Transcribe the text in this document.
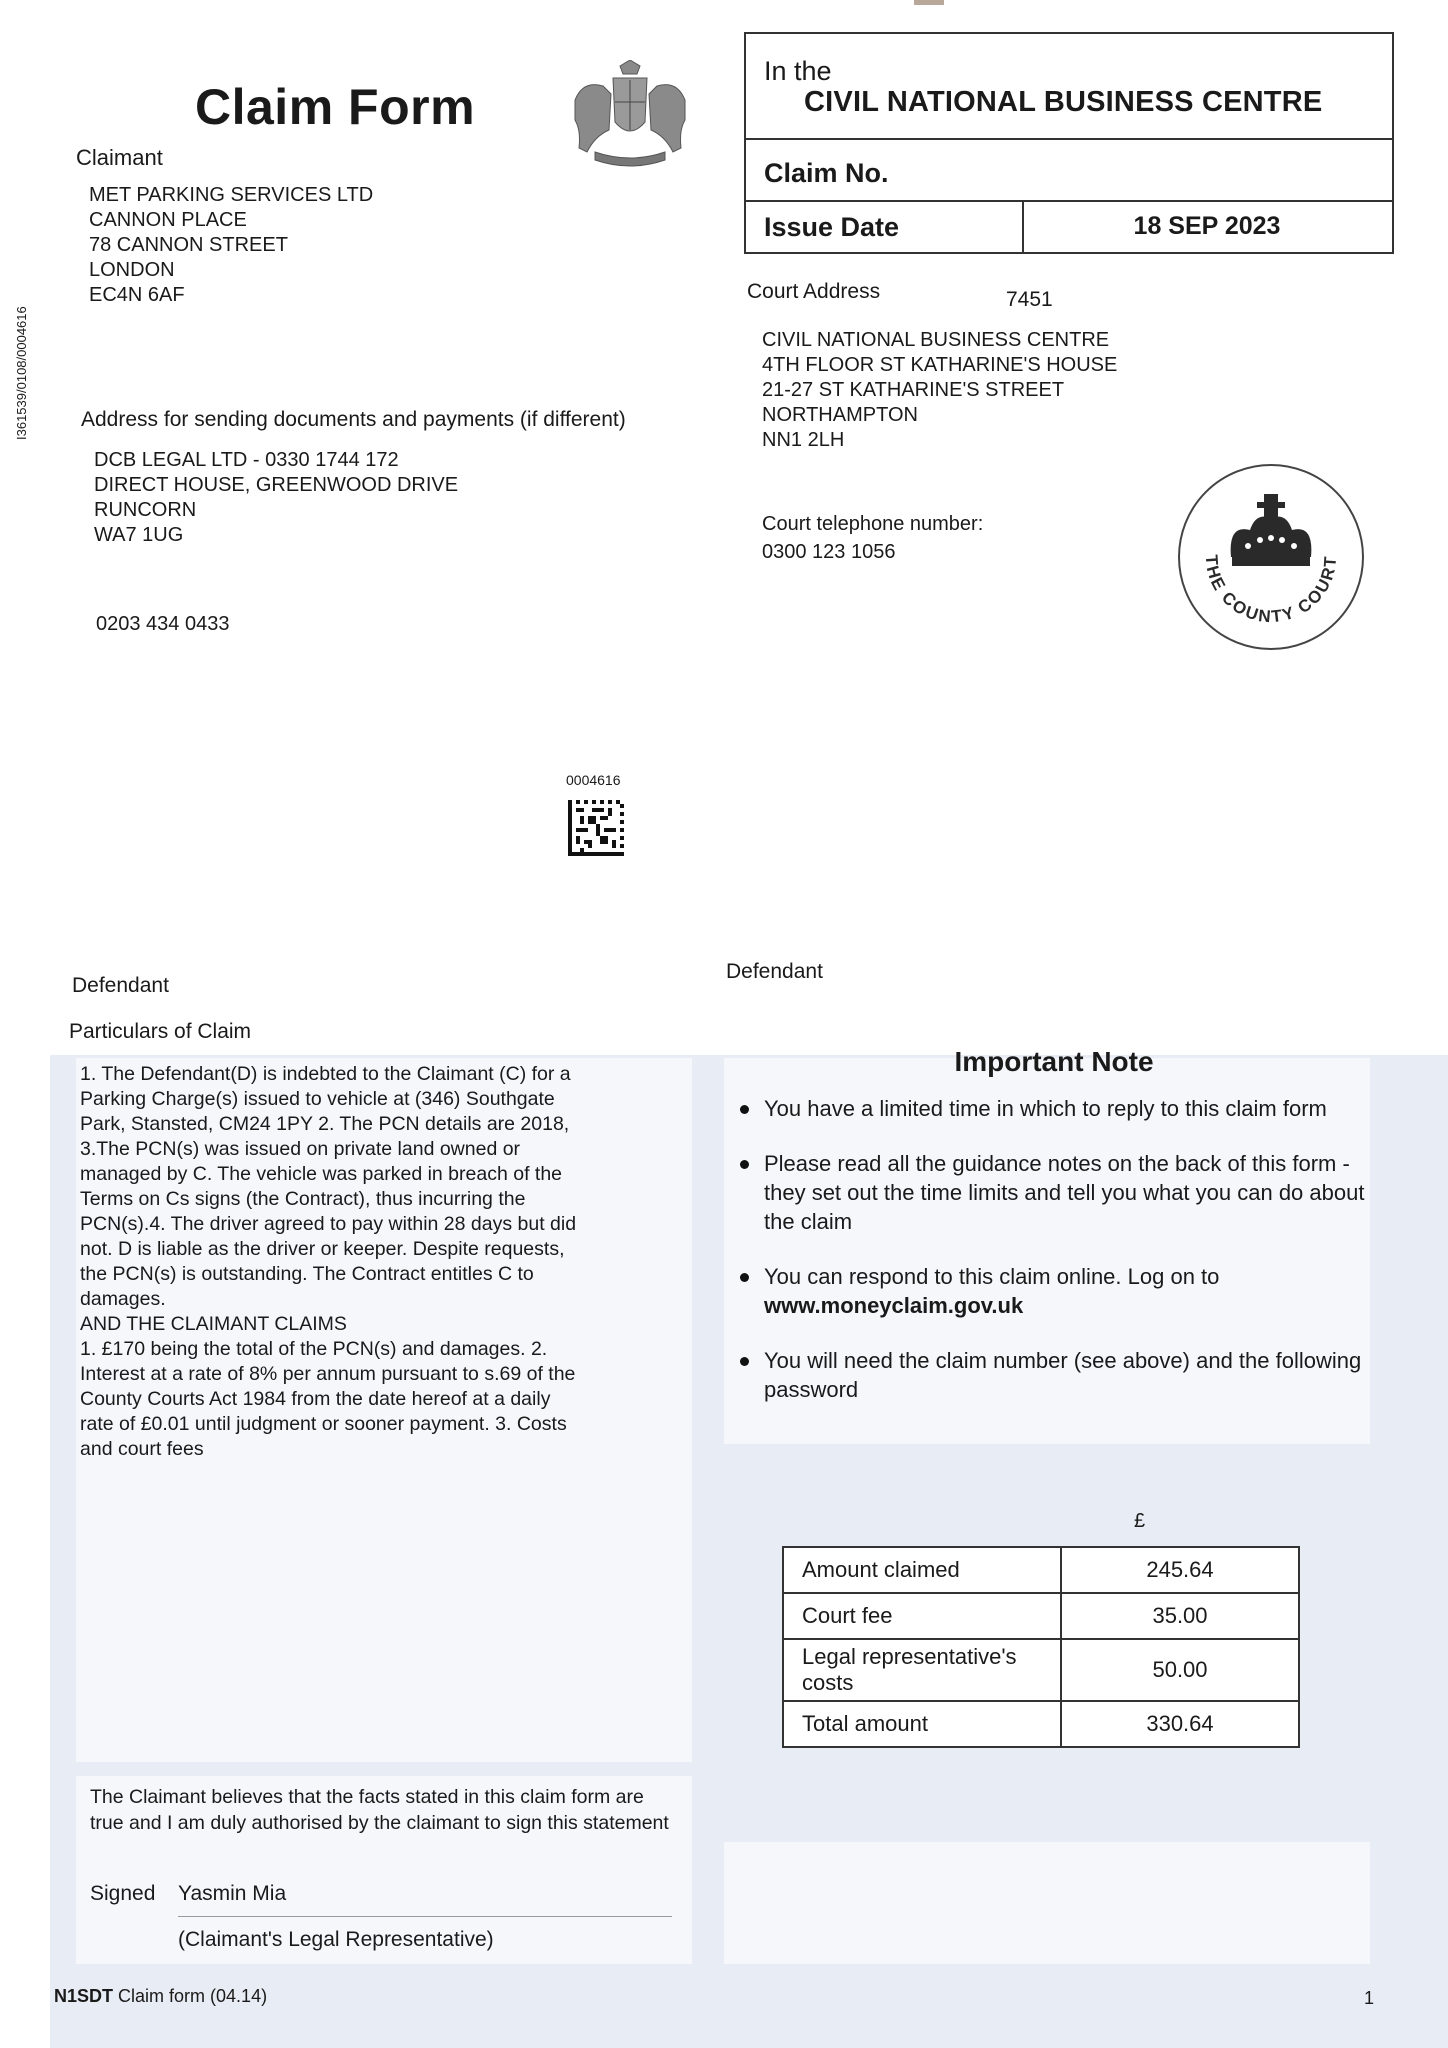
Claim Form
Claimant
MET PARKING SERVICES LTD
CANNON PLACE
78 CANNON STREET
LONDON
EC4N 6AF
Address for sending documents and payments (if different)
DCB LEGAL LTD - 0330 1744 172
DIRECT HOUSE, GREENWOOD DRIVE
RUNCORN
WA7 1UG
0203 434 0433
I361539/0108/0004616
In the
CIVIL NATIONAL BUSINESS CENTRE
Claim No.
Issue Date	18 SEP 2023
Court Address	7451
CIVIL NATIONAL BUSINESS CENTRE
4TH FLOOR ST KATHARINE'S HOUSE
21-27 ST KATHARINE'S STREET
NORTHAMPTON
NN1 2LH
Court telephone number:
0300 123 1056	THE COUNTY COURT
0004616
Defendant
Defendant
Particulars of Claim

1. The Defendant(D) is indebted to the Claimant (C) for a Parking Charge(s) issued to vehicle at (346) Southgate Park, Stansted, CM24 1PY 2. The PCN details are 2018, 3.The PCN(s) was issued on private land owned or managed by C. The vehicle was parked in breach of the Terms on Cs signs (the Contract), thus incurring the PCN(s).4. The driver agreed to pay within 28 days but did not. D is liable as the driver or keeper. Despite requests, the PCN(s) is outstanding. The Contract entitles C to damages.

AND THE CLAIMANT CLAIMS

1. £170 being the total of the PCN(s) and damages. 2. Interest at a rate of 8% per annum pursuant to s.69 of the County Courts Act 1984 from the date hereof at a daily rate of £0.01 until judgment or sooner payment. 3. Costs and court fees

Important Note
You have a limited time in which to reply to this claim form
Please read all the guidance notes on the back of this form - they set out the time limits and tell you what you can do about the claim
You can respond to this claim online. Log on to
www.moneyclaim.gov.uk
You will need the claim number (see above) and the following password
£
Amount claimed	245.64
Court fee	35.00
Legal representative's costs	50.00
Total amount	330.64
The Claimant believes that the facts stated in this claim form are true and I am duly authorised by the claimant to sign this statement
Signed Yasmin Mia
(Claimant's Legal Representative)
N1SDT Claim form (04.14)	1
